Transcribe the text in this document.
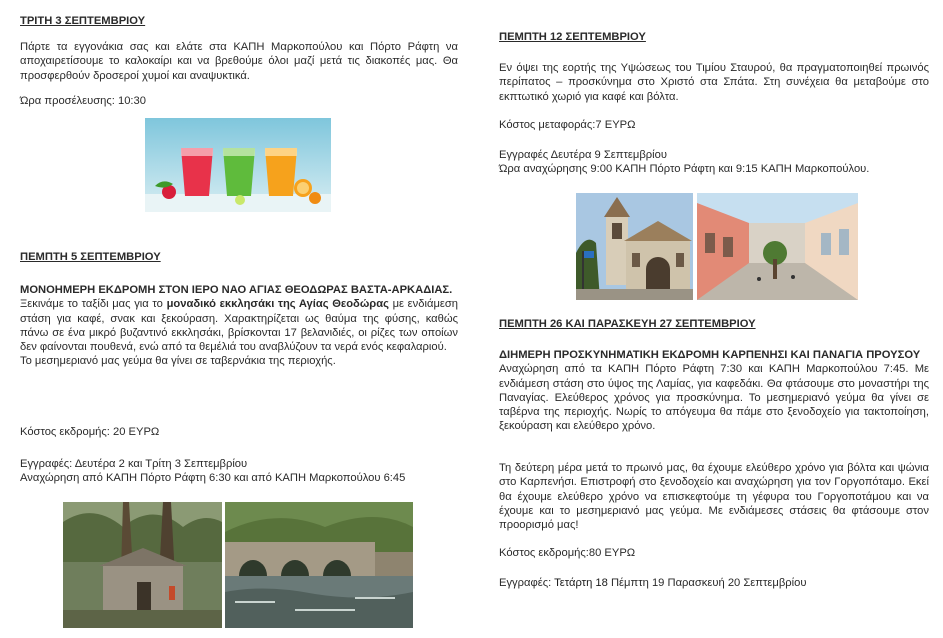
ΤΡΙΤΗ 3 ΣΕΠΤΕΜΒΡΙΟΥ

Πάρτε τα εγγονάκια σας και ελάτε στα ΚΑΠΗ Μαρκοπούλου και Πόρτο Ράφτη να αποχαιρετίσουμε το καλοκαίρι και να βρεθούμε όλοι μαζί μετά τις διακοπές μας. Θα προσφερθούν δροσεροί χυμοί και αναψυκτικά.

Ώρα προσέλευσης: 10:30

ΠΕΜΠΤΗ 5 ΣΕΠΤΕΜΒΡΙΟΥ

ΜΟΝΟΗΜΕΡΗ ΕΚΔΡΟΜΗ ΣΤΟΝ ΙΕΡΟ ΝΑΟ ΑΓΙΑΣ ΘΕΟΔΩΡΑΣ ΒΑΣΤΑ-ΑΡΚΑΔΙΑΣ.

Ξεκινάμε το ταξίδι μας για το μοναδικό εκκλησάκι της Αγίας Θεοδώρας με ενδιάμεση στάση για καφέ, σνακ και ξεκούραση. Χαρακτηρίζεται ως θαύμα της φύσης, καθώς πάνω σε ένα μικρό βυζαντινό εκκλησάκι, βρίσκονται 17 βελανιδιές, οι ρίζες των οποίων δεν φαίνονται πουθενά, ενώ από τα θεμέλιά του αναβλύζουν τα νερά ενός κεφαλαριού.

Το μεσημεριανό μας γεύμα θα γίνει σε ταβερνάκια της περιοχής.

Κόστος εκδρομής: 20 ΕΥΡΩ

Εγγραφές: Δευτέρα 2 και Τρίτη 3 Σεπτεμβρίου

Αναχώρηση από ΚΑΠΗ Πόρτο Ράφτη 6:30 και από ΚΑΠΗ Μαρκοπούλου 6:45

ΠΕΜΠΤΗ 12 ΣΕΠΤΕΜΒΡΙΟΥ

Εν όψει της εορτής της Υψώσεως του Τιμίου Σταυρού, θα πραγματοποιηθεί πρωινός περίπατος – προσκύνημα στο Χριστό στα Σπάτα. Στη συνέχεια θα μεταβούμε στο εκπτωτικό χωριό για καφέ και βόλτα.

Κόστος μεταφοράς:7 ΕΥΡΩ

Εγγραφές Δευτέρα 9 Σεπτεμβρίου

Ώρα αναχώρησης 9:00 ΚΑΠΗ Πόρτο Ράφτη και 9:15 ΚΑΠΗ Μαρκοπούλου.

ΠΕΜΠΤΗ 26 ΚΑΙ ΠΑΡΑΣΚΕΥΗ 27 ΣΕΠΤΕΜΒΡΙΟΥ

ΔΙΗΜΕΡΗ ΠΡΟΣΚΥΝΗΜΑΤΙΚΗ ΕΚΔΡΟΜΗ ΚΑΡΠΕΝΗΣΙ ΚΑΙ ΠΑΝΑΓΙΑ ΠΡΟΥΣΟΥ

Αναχώρηση από τα ΚΑΠΗ Πόρτο Ράφτη 7:30 και ΚΑΠΗ Μαρκοπούλου 7:45. Με ενδιάμεση στάση στο ύψος της Λαμίας, για καφεδάκι. Θα φτάσουμε στο μοναστήρι της Παναγίας. Ελεύθερος χρόνος για προσκύνημα. Το μεσημεριανό γεύμα θα γίνει σε ταβέρνα της περιοχής. Νωρίς το απόγευμα θα πάμε στο ξενοδοχείο για τακτοποίηση, ξεκούραση και ελεύθερο χρόνο.

Τη δεύτερη μέρα μετά το πρωινό μας, θα έχουμε ελεύθερο χρόνο για βόλτα και ψώνια στο Καρπενήσι. Επιστροφή στο ξενοδοχείο και αναχώρηση για τον Γοργοπόταμο. Εκεί θα έχουμε ελεύθερο χρόνο να επισκεφτούμε τη γέφυρα του Γοργοποτάμου και να έχουμε και το μεσημεριανό μας γεύμα. Με ενδιάμεσες στάσεις θα φτάσουμε στον προορισμό μας!

Κόστος εκδρομής:80 ΕΥΡΩ

Εγγραφές: Τετάρτη 18 Πέμπτη 19 Παρασκευή 20 Σεπτεμβρίου
